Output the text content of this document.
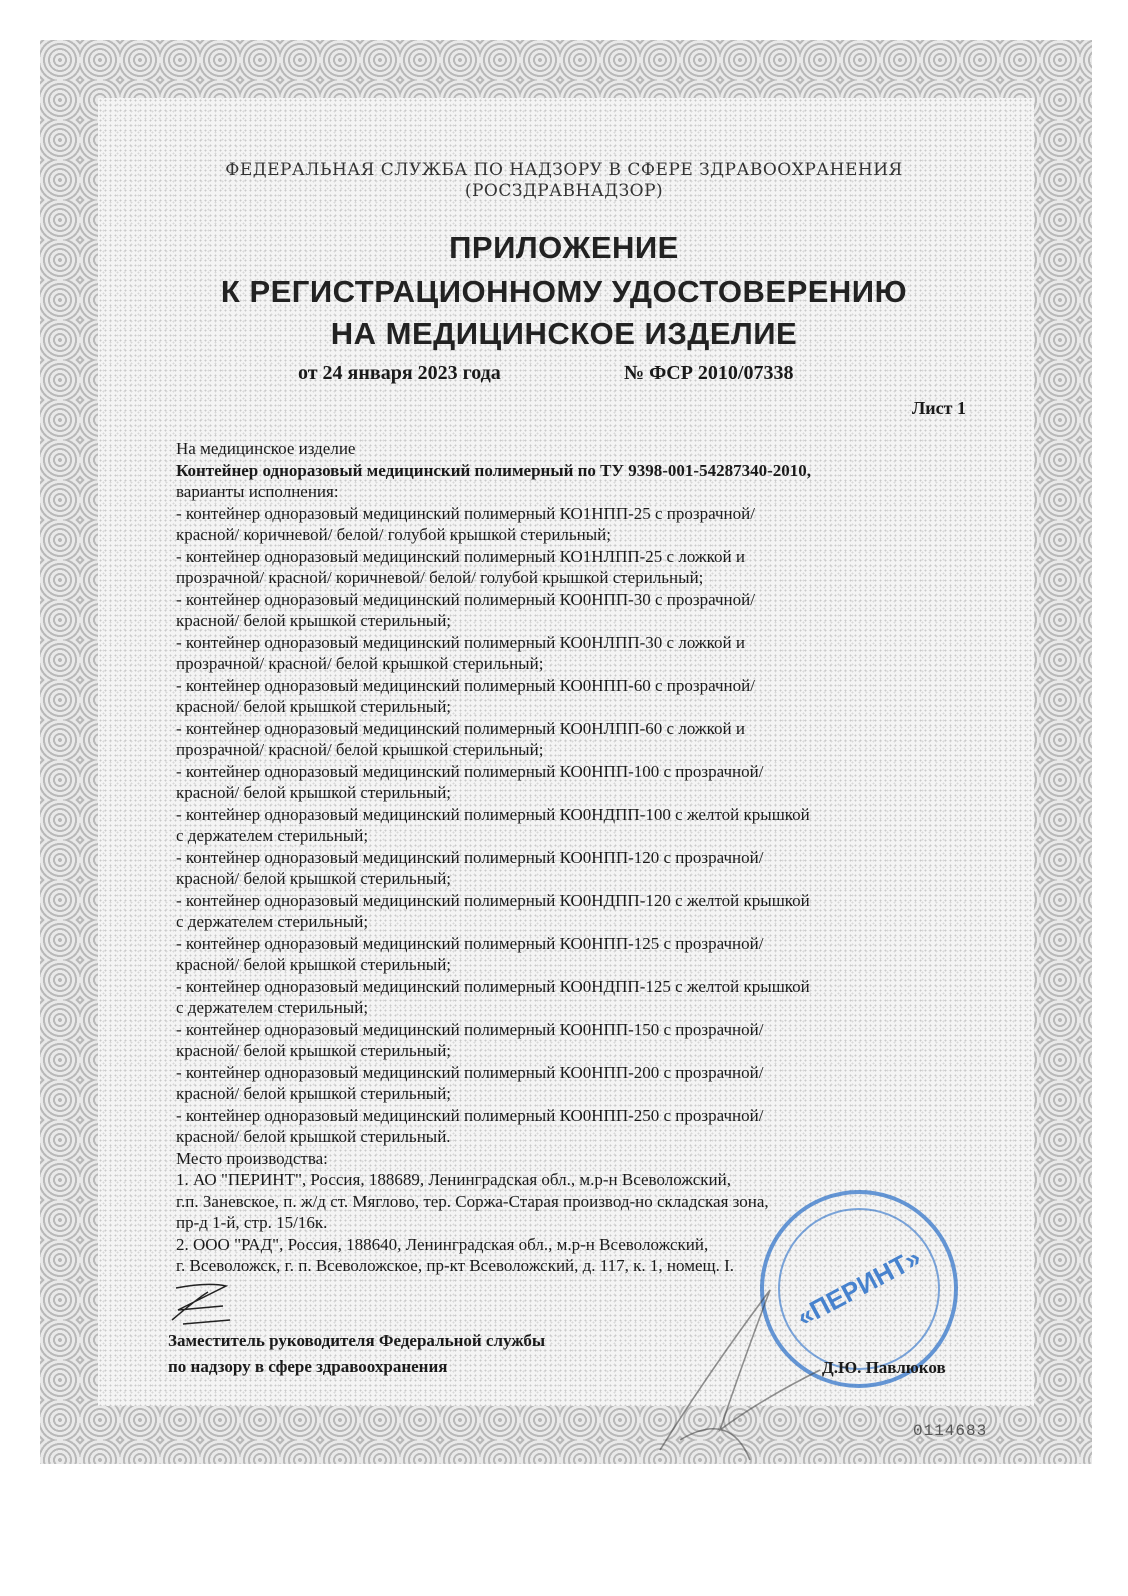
ФЕДЕРАЛЬНАЯ СЛУЖБА ПО НАДЗОРУ В СФЕРЕ ЗДРАВООХРАНЕНИЯ
(РОСЗДРАВНАДЗОР)
ПРИЛОЖЕНИЕ
К РЕГИСТРАЦИОННОМУ УДОСТОВЕРЕНИЮ
НА МЕДИЦИНСКОЕ ИЗДЕЛИЕ
от 24 января 2023 года	№ ФСР 2010/07338
Лист 1
На медицинское изделие
Контейнер одноразовый медицинский полимерный по ТУ 9398-001-54287340-2010,
варианты исполнения:
- контейнер одноразовый медицинский полимерный КО1НПП-25 с прозрачной/
красной/ коричневой/ белой/ голубой крышкой стерильный;
- контейнер одноразовый медицинский полимерный КО1НЛПП-25 с ложкой и
прозрачной/ красной/ коричневой/ белой/ голубой крышкой стерильный;
- контейнер одноразовый медицинский полимерный КО0НПП-30 с прозрачной/
красной/ белой крышкой стерильный;
- контейнер одноразовый медицинский полимерный КО0НЛПП-30 с ложкой и
прозрачной/ красной/ белой крышкой стерильный;
- контейнер одноразовый медицинский полимерный КО0НПП-60 с прозрачной/
красной/ белой крышкой стерильный;
- контейнер одноразовый медицинский полимерный КО0НЛПП-60 с ложкой и
прозрачной/ красной/ белой крышкой стерильный;
- контейнер одноразовый медицинский полимерный КО0НПП-100 с прозрачной/
красной/ белой крышкой стерильный;
- контейнер одноразовый медицинский полимерный КО0НДПП-100 с желтой крышкой
с держателем стерильный;
- контейнер одноразовый медицинский полимерный КО0НПП-120 с прозрачной/
красной/ белой крышкой стерильный;
- контейнер одноразовый медицинский полимерный КО0НДПП-120 с желтой крышкой
с держателем стерильный;
- контейнер одноразовый медицинский полимерный КО0НПП-125 с прозрачной/
красной/ белой крышкой стерильный;
- контейнер одноразовый медицинский полимерный КО0НДПП-125 с желтой крышкой
с держателем стерильный;
- контейнер одноразовый медицинский полимерный КО0НПП-150 с прозрачной/
красной/ белой крышкой стерильный;
- контейнер одноразовый медицинский полимерный КО0НПП-200 с прозрачной/
красной/ белой крышкой стерильный;
- контейнер одноразовый медицинский полимерный КО0НПП-250 с прозрачной/
красной/ белой крышкой стерильный.
Место производства:
1. АО "ПЕРИНТ", Россия, 188689, Ленинградская обл., м.р-н Всеволожский,
г.п. Заневское, п. ж/д ст. Мяглово, тер. Соржа-Старая производ-но складская зона,
пр-д 1-й, стр. 15/16к.
2. ООО "РАД", Россия, 188640, Ленинградская обл., м.р-н Всеволожский,
г. Всеволожск, г. п. Всеволожское, пр-кт Всеволожский, д. 117, к. 1, номещ. I.	«ПЕРИНТ»
Заместитель руководителя Федеральной службы
по надзору в сфере здравоохранения	Д.Ю. Павлюков
0114683
